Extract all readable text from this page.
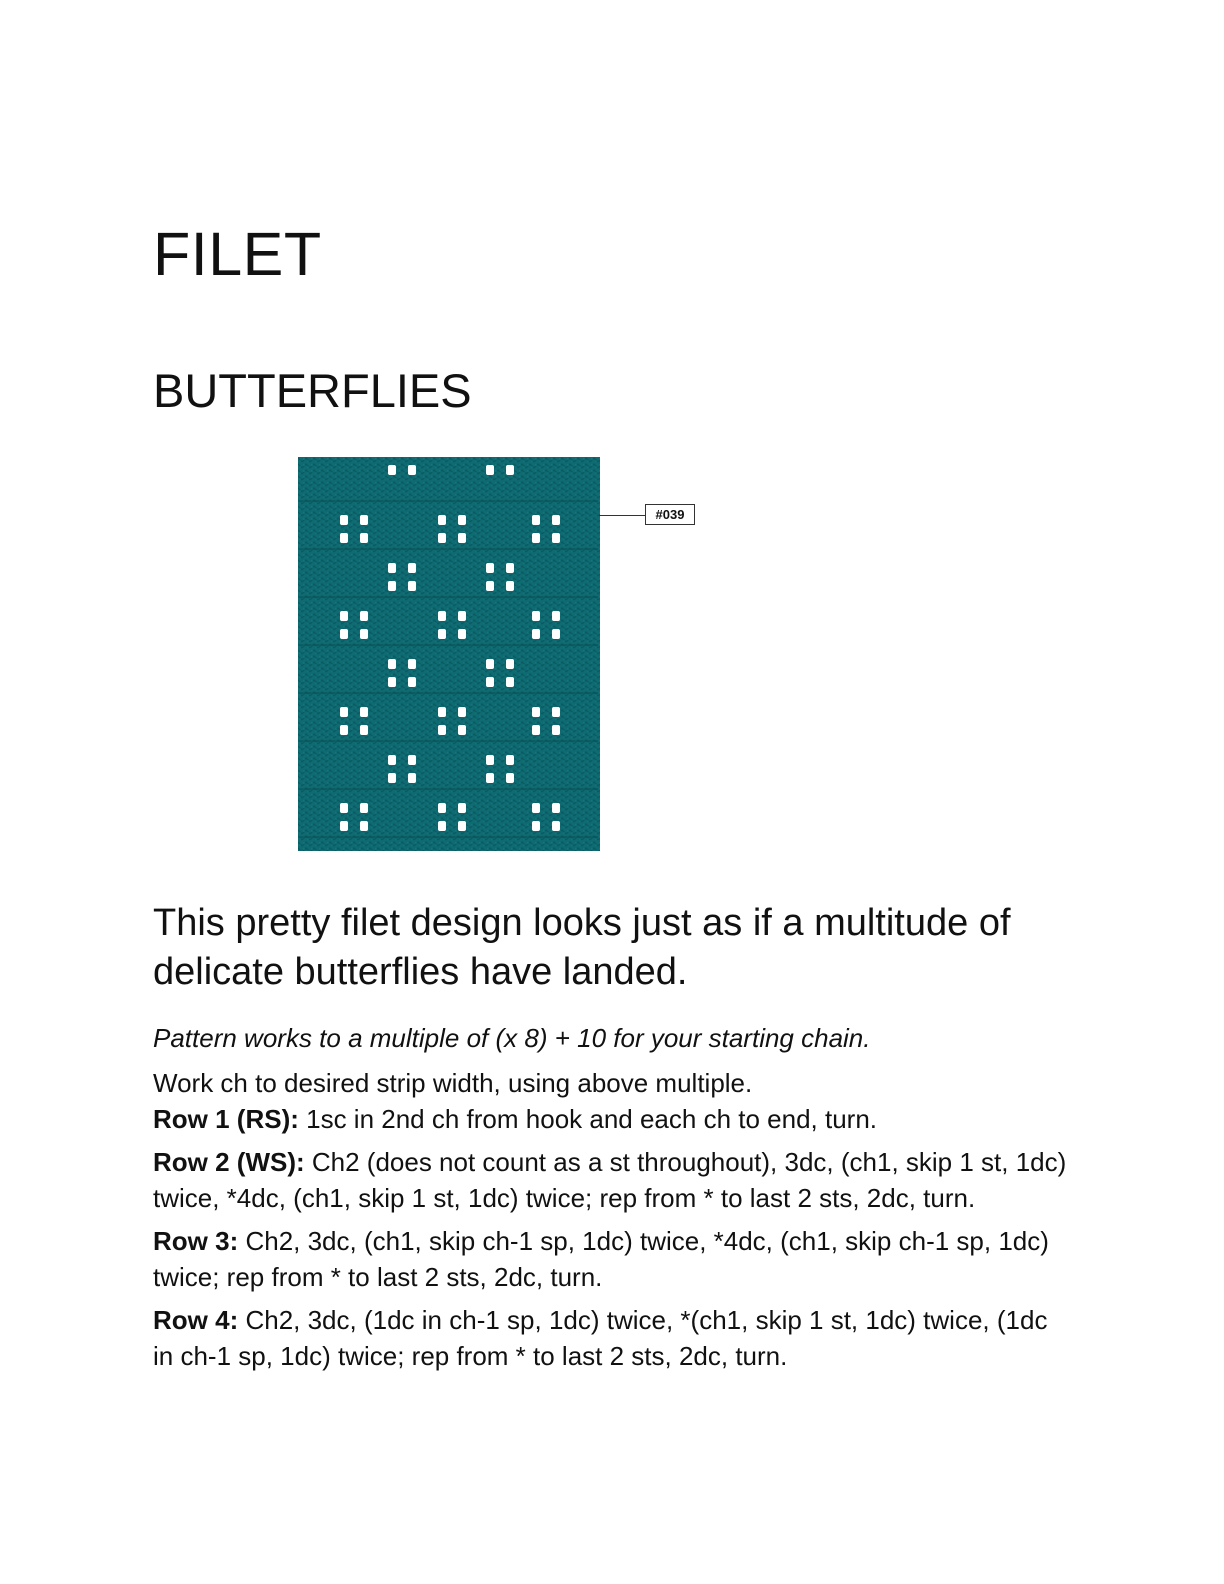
FILET
BUTTERFLIES
#039

This pretty filet design looks just as if a multitude of delicate butterflies have landed.

Pattern works to a multiple of (x 8) + 10 for your starting chain.

Work ch to desired strip width, using above multiple.

Row 1 (RS): 1sc in 2nd ch from hook and each ch to end, turn.

Row 2 (WS): Ch2 (does not count as a st throughout), 3dc, (ch1, skip 1 st, 1dc) twice, *4dc, (ch1, skip 1 st, 1dc) twice; rep from * to last 2 sts, 2dc, turn.

Row 3: Ch2, 3dc, (ch1, skip ch-1 sp, 1dc) twice, *4dc, (ch1, skip ch-1 sp, 1dc) twice; rep from * to last 2 sts, 2dc, turn.

Row 4: Ch2, 3dc, (1dc in ch-1 sp, 1dc) twice, *(ch1, skip 1 st, 1dc) twice, (1dc in ch-1 sp, 1dc) twice; rep from * to last 2 sts, 2dc, turn.
